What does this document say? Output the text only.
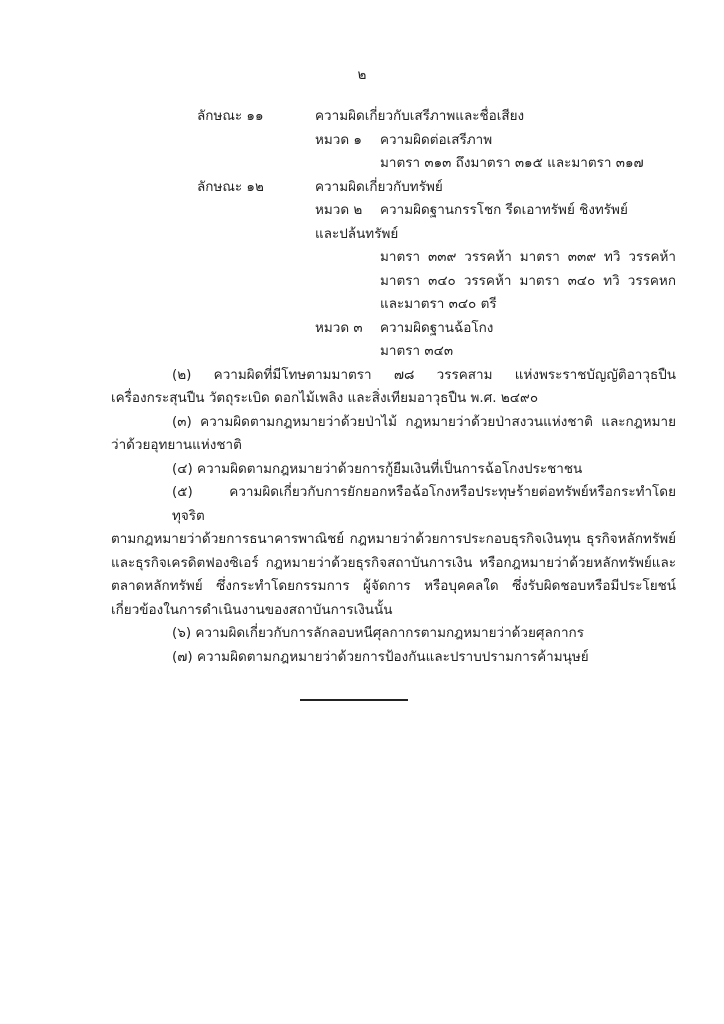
๒
ลักษณะ ๑๑	ความผิดเกี่ยวกับเสรีภาพและชื่อเสียง
หมวด ๑	ความผิดต่อเสรีภาพ
มาตรา ๓๑๓ ถึงมาตรา ๓๑๕ และมาตรา ๓๑๗
ลักษณะ ๑๒	ความผิดเกี่ยวกับทรัพย์
หมวด ๒	ความผิดฐานกรรโชก รีดเอาทรัพย์ ชิงทรัพย์
และปล้นทรัพย์
มาตรา ๓๓๙ วรรคห้า มาตรา ๓๓๙ ทวิ วรรคห้า
มาตรา ๓๔๐ วรรคห้า มาตรา ๓๔๐ ทวิ วรรคหก
และมาตรา ๓๔๐ ตรี
หมวด ๓	ความผิดฐานฉ้อโกง
มาตรา ๓๔๓
(๒) ความผิดที่มีโทษตามมาตรา ๗๘ วรรคสาม แห่งพระราชบัญญัติอาวุธปืน
เครื่องกระสุนปืน วัตถุระเบิด ดอกไม้เพลิง และสิ่งเทียมอาวุธปืน พ.ศ. ๒๔๙๐
(๓) ความผิดตามกฎหมายว่าด้วยป่าไม้ กฎหมายว่าด้วยป่าสงวนแห่งชาติ และกฎหมาย
ว่าด้วยอุทยานแห่งชาติ
(๔) ความผิดตามกฎหมายว่าด้วยการกู้ยืมเงินที่เป็นการฉ้อโกงประชาชน
(๕) ความผิดเกี่ยวกับการยักยอกหรือฉ้อโกงหรือประทุษร้ายต่อทรัพย์หรือกระทำโดยทุจริต
ตามกฎหมายว่าด้วยการธนาคารพาณิชย์ กฎหมายว่าด้วยการประกอบธุรกิจเงินทุน ธุรกิจหลักทรัพย์
และธุรกิจเครดิตฟองซิเอร์ กฎหมายว่าด้วยธุรกิจสถาบันการเงิน หรือกฎหมายว่าด้วยหลักทรัพย์และ
ตลาดหลักทรัพย์ ซึ่งกระทำโดยกรรมการ ผู้จัดการ หรือบุคคลใด ซึ่งรับผิดชอบหรือมีประโยชน์
เกี่ยวข้องในการดำเนินงานของสถาบันการเงินนั้น
(๖) ความผิดเกี่ยวกับการลักลอบหนีศุลกากรตามกฎหมายว่าด้วยศุลกากร
(๗) ความผิดตามกฎหมายว่าด้วยการป้องกันและปราบปรามการค้ามนุษย์
